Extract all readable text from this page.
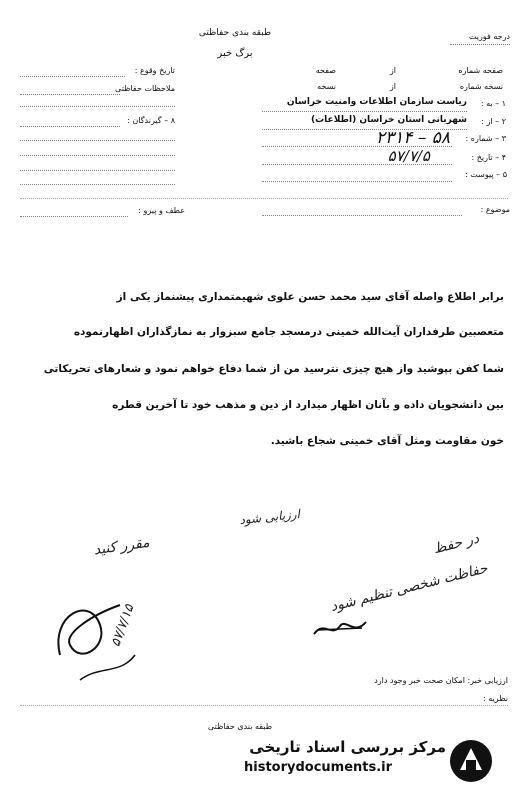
طبقه بندی حفاظتی
برگ خبر
درجه فوریت
تاریخ وقوع :
ملاحظات حفاظتی
۸ – گیرندگان :
صفحه شماره
از
صفحه
نسخه شماره
از
نسخه
۱ – به :
ریاست سازمان اطلاعات وامنیت خراسان
۲ – از :
شهربانی استان خراسان (اطلاعات)
۳ – شماره :
۵۸ – ۲۳۱۴
۴ – تاریخ :
۵۷/۷/۵
۵ – پیوست :
موضوع :
عطف و پیرو :
برابر اطلاع واصله آقای سید محمد حسن علوی شهیمتمداری پیشنماز یکی از
متعصبین طرفداران آیت‌الله خمینی درمسجد جامع سبزوار به نمازگذاران اظهارنموده
شما کفن بپوشید واز هیچ چیزی نترسید من از شما دفاع خواهم نمود و شعارهای تحریکاتی
بین دانشجویان داده و بآنان اظهار میدارد از دین و مذهب خود تا آخرین قطره
خون مقاومت ومثل آقای خمینی شجاع باشید.
ارزیابی شود
در حفظ
حفاظت شخصی تنظیم شود
مقرر کنید
۵۷/۷/۱۵
ارزیابی خبر: امکان صحت خبر وجود دارد
نظریه :
طبقه بندی حفاظتی
مرکز بررسی اسناد تاریخی
historydocuments.ir
